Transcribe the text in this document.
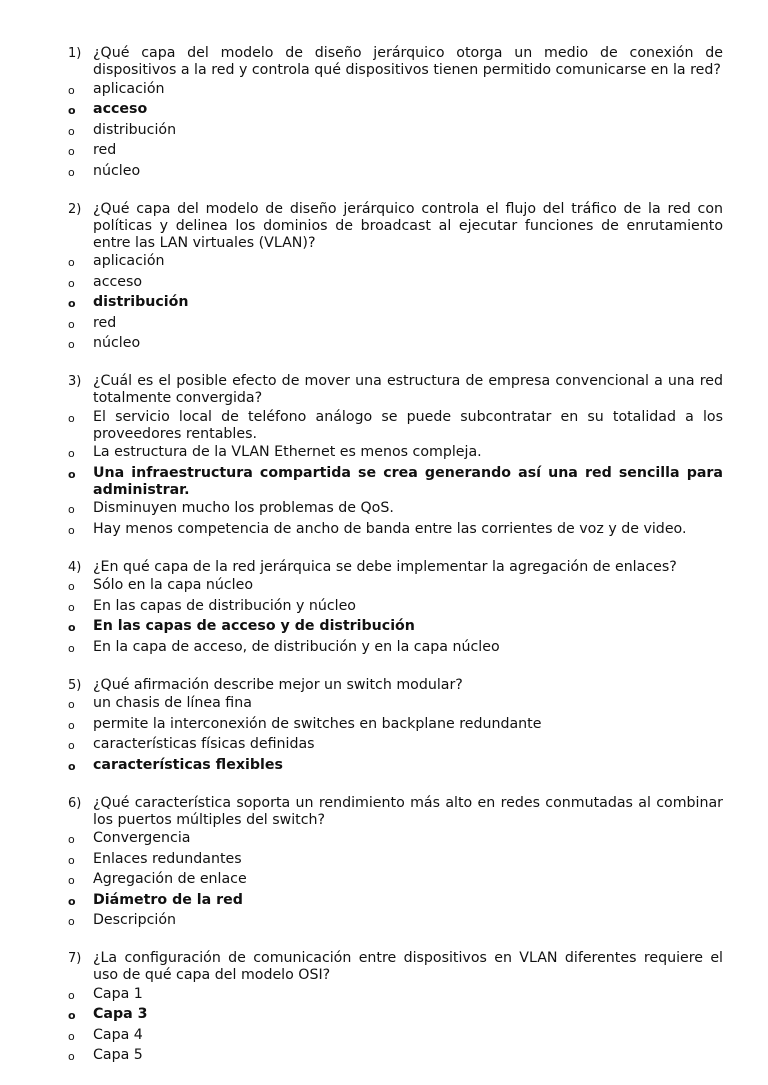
1) ¿Qué capa del modelo de diseño jerárquico otorga un medio de conexión de dispositivos a la red y controla qué dispositivos tienen permitido comunicarse en la red?
o	aplicación
o	acceso
o	distribución
o	red
o	núcleo
2) ¿Qué capa del modelo de diseño jerárquico controla el flujo del tráfico de la red con políticas y delinea los dominios de broadcast al ejecutar funciones de enrutamiento entre las LAN virtuales (VLAN)?
o	aplicación
o	acceso
o	distribución
o	red
o	núcleo
3) ¿Cuál es el posible efecto de mover una estructura de empresa convencional a una red totalmente convergida?
o	El servicio local de teléfono análogo se puede subcontratar en su totalidad a los proveedores rentables.
o	La estructura de la VLAN Ethernet es menos compleja.
o	Una infraestructura compartida se crea generando así una red sencilla para administrar.
o	Disminuyen mucho los problemas de QoS.
o	Hay menos competencia de ancho de banda entre las corrientes de voz y de video.
4) ¿En qué capa de la red jerárquica se debe implementar la agregación de enlaces?
o	Sólo en la capa núcleo
o	En las capas de distribución y núcleo
o	En las capas de acceso y de distribución
o	En la capa de acceso, de distribución y en la capa núcleo
5) ¿Qué afirmación describe mejor un switch modular?
o	un chasis de línea fina
o	permite la interconexión de switches en backplane redundante
o	características físicas definidas
o	características flexibles
6) ¿Qué característica soporta un rendimiento más alto en redes conmutadas al combinar los puertos múltiples del switch?
o	Convergencia
o	Enlaces redundantes
o	Agregación de enlace
o	Diámetro de la red
o	Descripción
7) ¿La configuración de comunicación entre dispositivos en VLAN diferentes requiere el uso de qué capa del modelo OSI?
o	Capa 1
o	Capa 3
o	Capa 4
o	Capa 5
